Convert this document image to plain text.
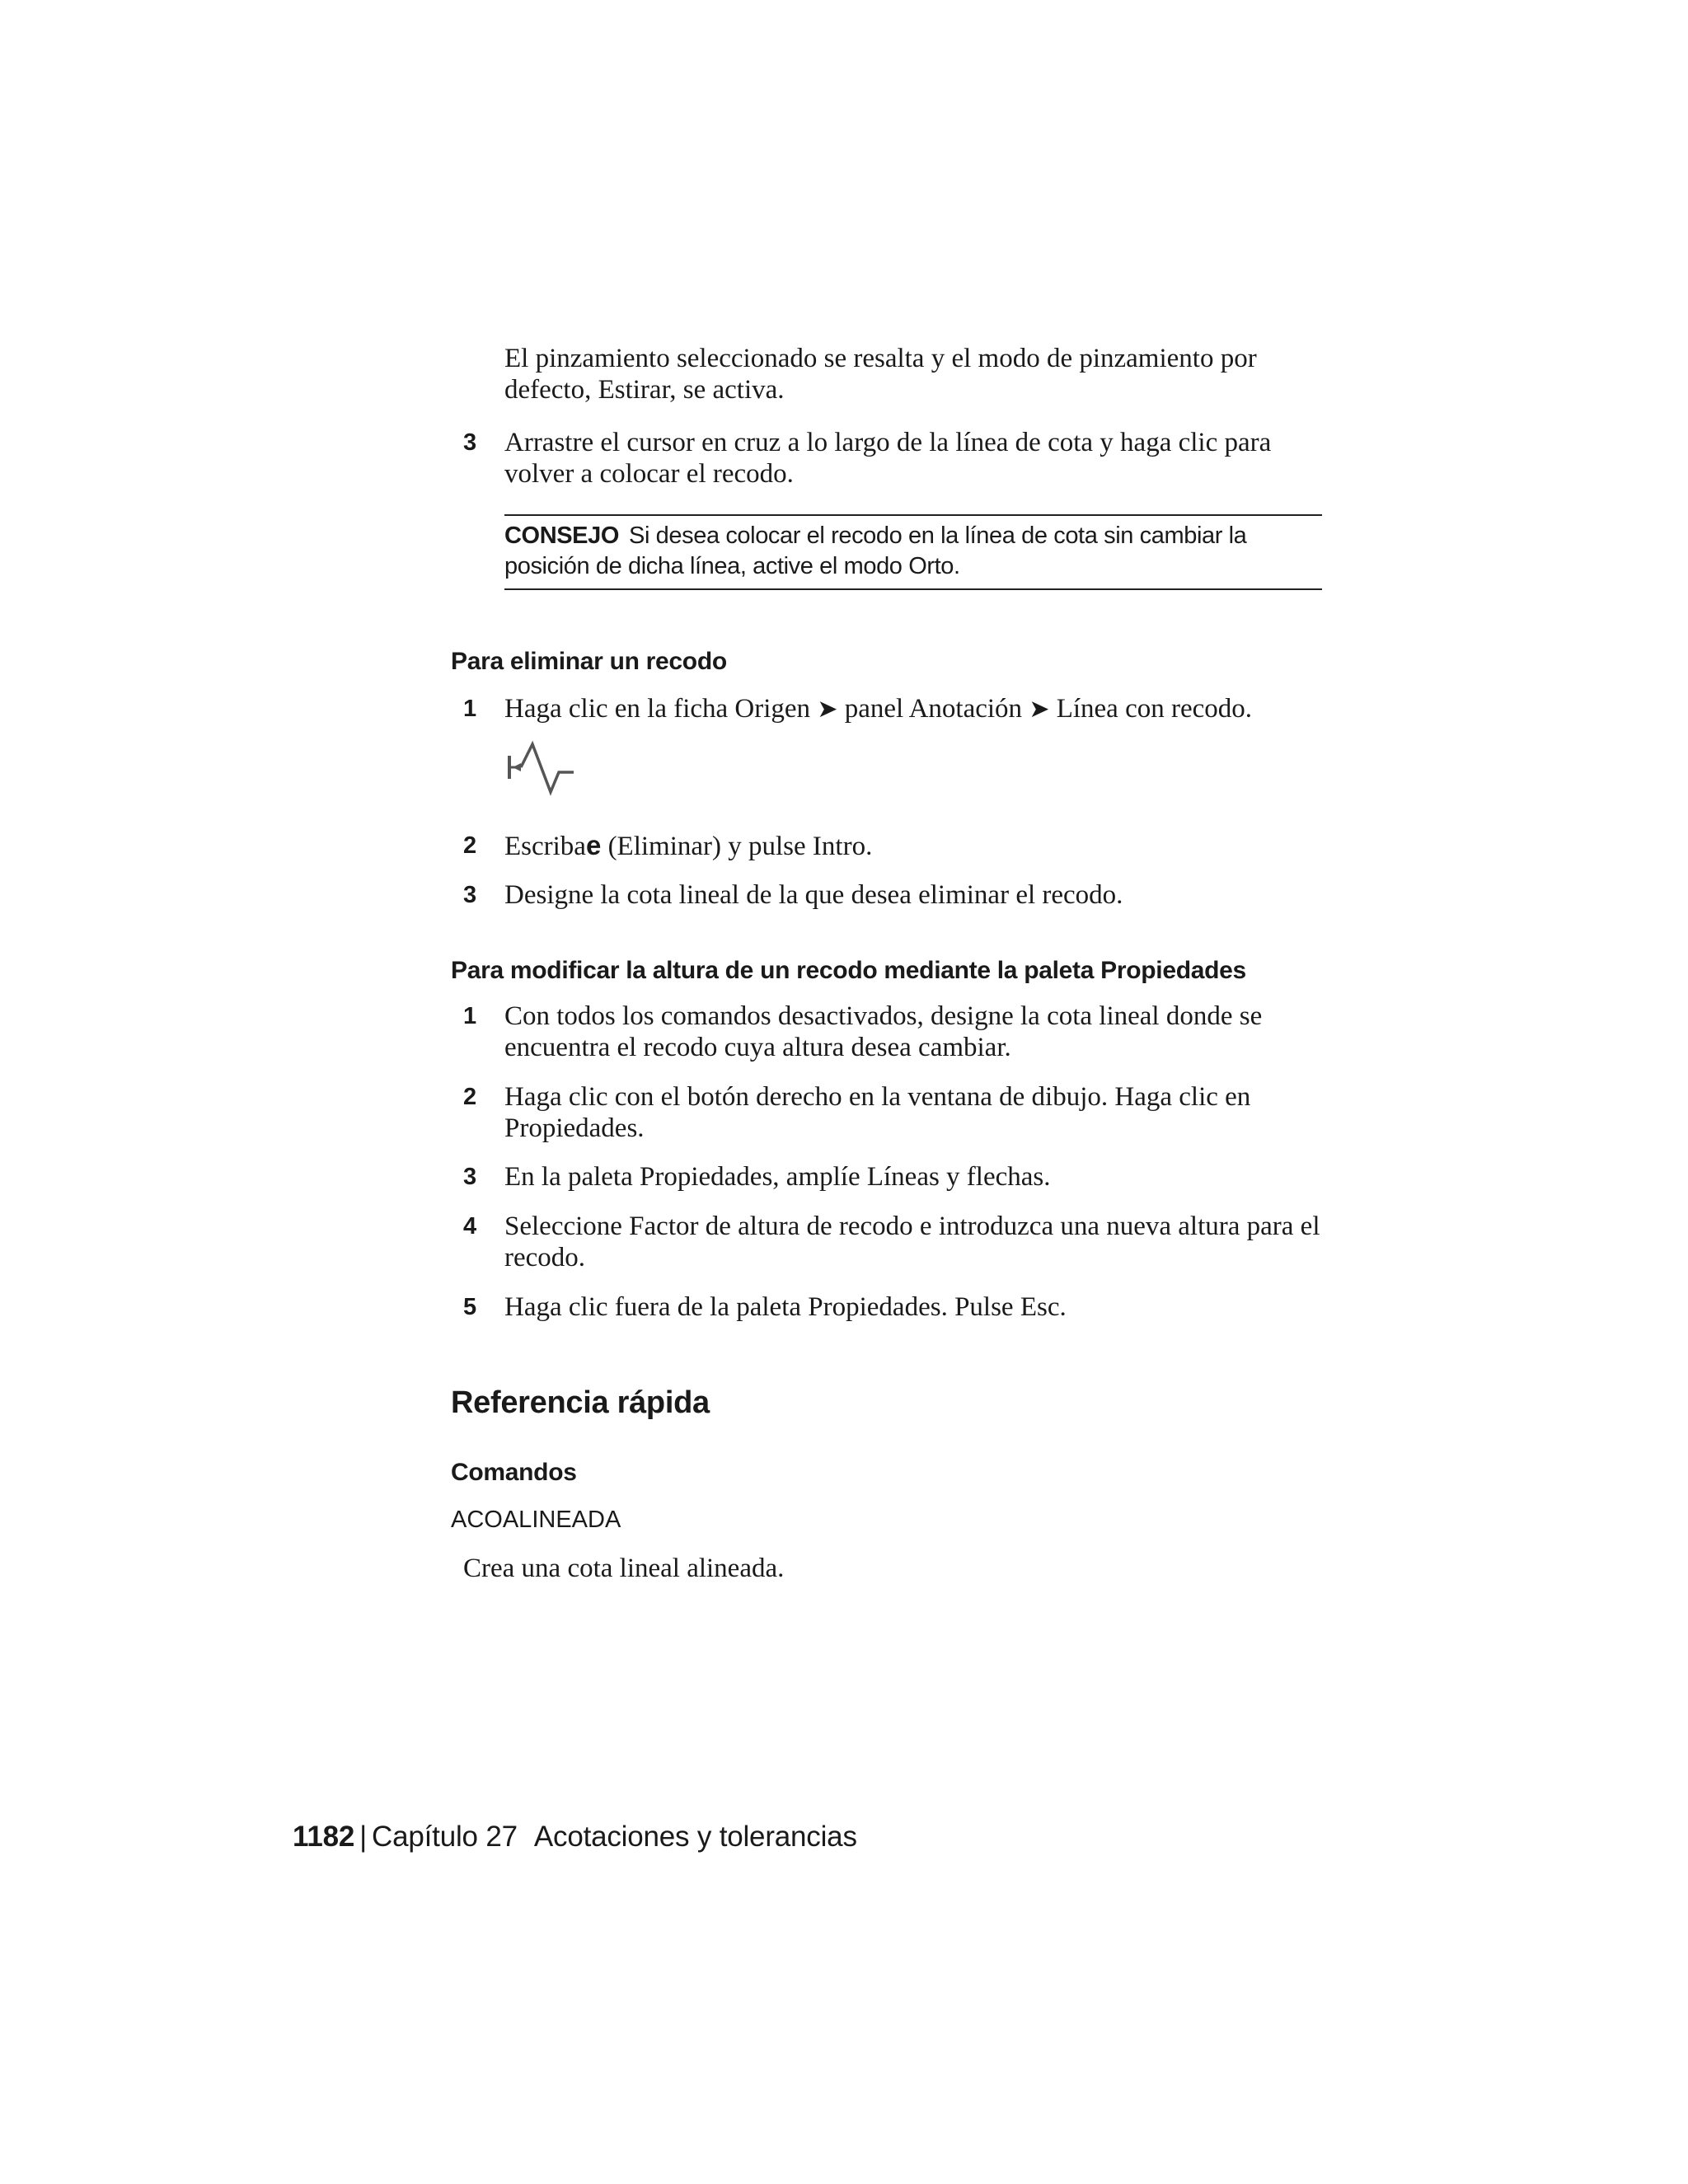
El pinzamiento seleccionado se resalta y el modo de pinzamiento por defecto, Estirar, se activa.

3	Arrastre el cursor en cruz a lo largo de la línea de cota y haga clic para volver a colocar el recodo.
CONSEJO Si desea colocar el recodo en la línea de cota sin cambiar la posición de dicha línea, active el modo Orto.
Para eliminar un recodo
1	Haga clic en la ficha Origen ➤ panel Anotación ➤ Línea con recodo.
2	Escribae (Eliminar) y pulse Intro.
3	Designe la cota lineal de la que desea eliminar el recodo.
Para modificar la altura de un recodo mediante la paleta Propiedades
1	Con todos los comandos desactivados, designe la cota lineal donde se encuentra el recodo cuya altura desea cambiar.
2	Haga clic con el botón derecho en la ventana de dibujo. Haga clic en Propiedades.
3	En la paleta Propiedades, amplíe Líneas y flechas.
4	Seleccione Factor de altura de recodo e introduzca una nueva altura para el recodo.
5	Haga clic fuera de la paleta Propiedades. Pulse Esc.
Referencia rápida
Comandos
ACOALINEADA
Crea una cota lineal alineada.
1182 | Capítulo 27 Acotaciones y tolerancias
